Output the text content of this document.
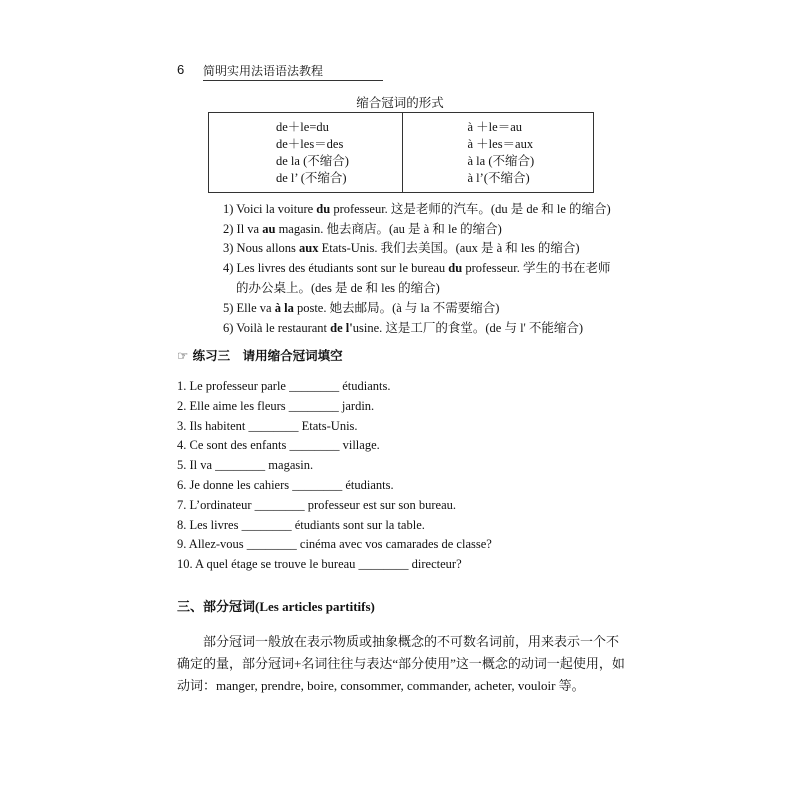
6 简明实用法语语法教程
缩合冠词的形式
de＋le=du
de＋les＝des
de la (不缩合)
de l’ (不缩合)
à ＋le＝au
à ＋les＝aux
à la (不缩合)
à l’(不缩合)
1) Voici la voiture du professeur. 这是老师的汽车。(du 是 de 和 le 的缩合)
2) Il va au magasin. 他去商店。(au 是 à 和 le 的缩合)
3) Nous allons aux Etats-Unis. 我们去美国。(aux 是 à 和 les 的缩合)
4) Les livres des étudiants sont sur le bureau du professeur. 学生的书在老师
的办公桌上。(des 是 de 和 les 的缩合)
5) Elle va à la poste. 她去邮局。(à 与 la 不需要缩合)
6) Voilà le restaurant de l'usine. 这是工厂的食堂。(de 与 l' 不能缩合)
☞ 练习三　请用缩合冠词填空
1. Le professeur parle ________ étudiants.
2. Elle aime les fleurs ________ jardin.
3. Ils habitent ________ Etats-Unis.
4. Ce sont des enfants ________ village.
5. Il va ________ magasin.
6. Je donne les cahiers ________ étudiants.
7. L’ordinateur ________ professeur est sur son bureau.
8. Les livres ________ étudiants sont sur la table.
9. Allez-vous ________ cinéma avec vos camarades de classe?
10. A quel étage se trouve le bureau ________ directeur?
三、部分冠词(Les articles partitifs)
部分冠词一般放在表示物质或抽象概念的不可数名词前，用来表示一个不确定的量，部分冠词+名词往往与表达“部分使用”这一概念的动词一起使用，如动词：manger, prendre, boire, consommer, commander, acheter, vouloir 等。
